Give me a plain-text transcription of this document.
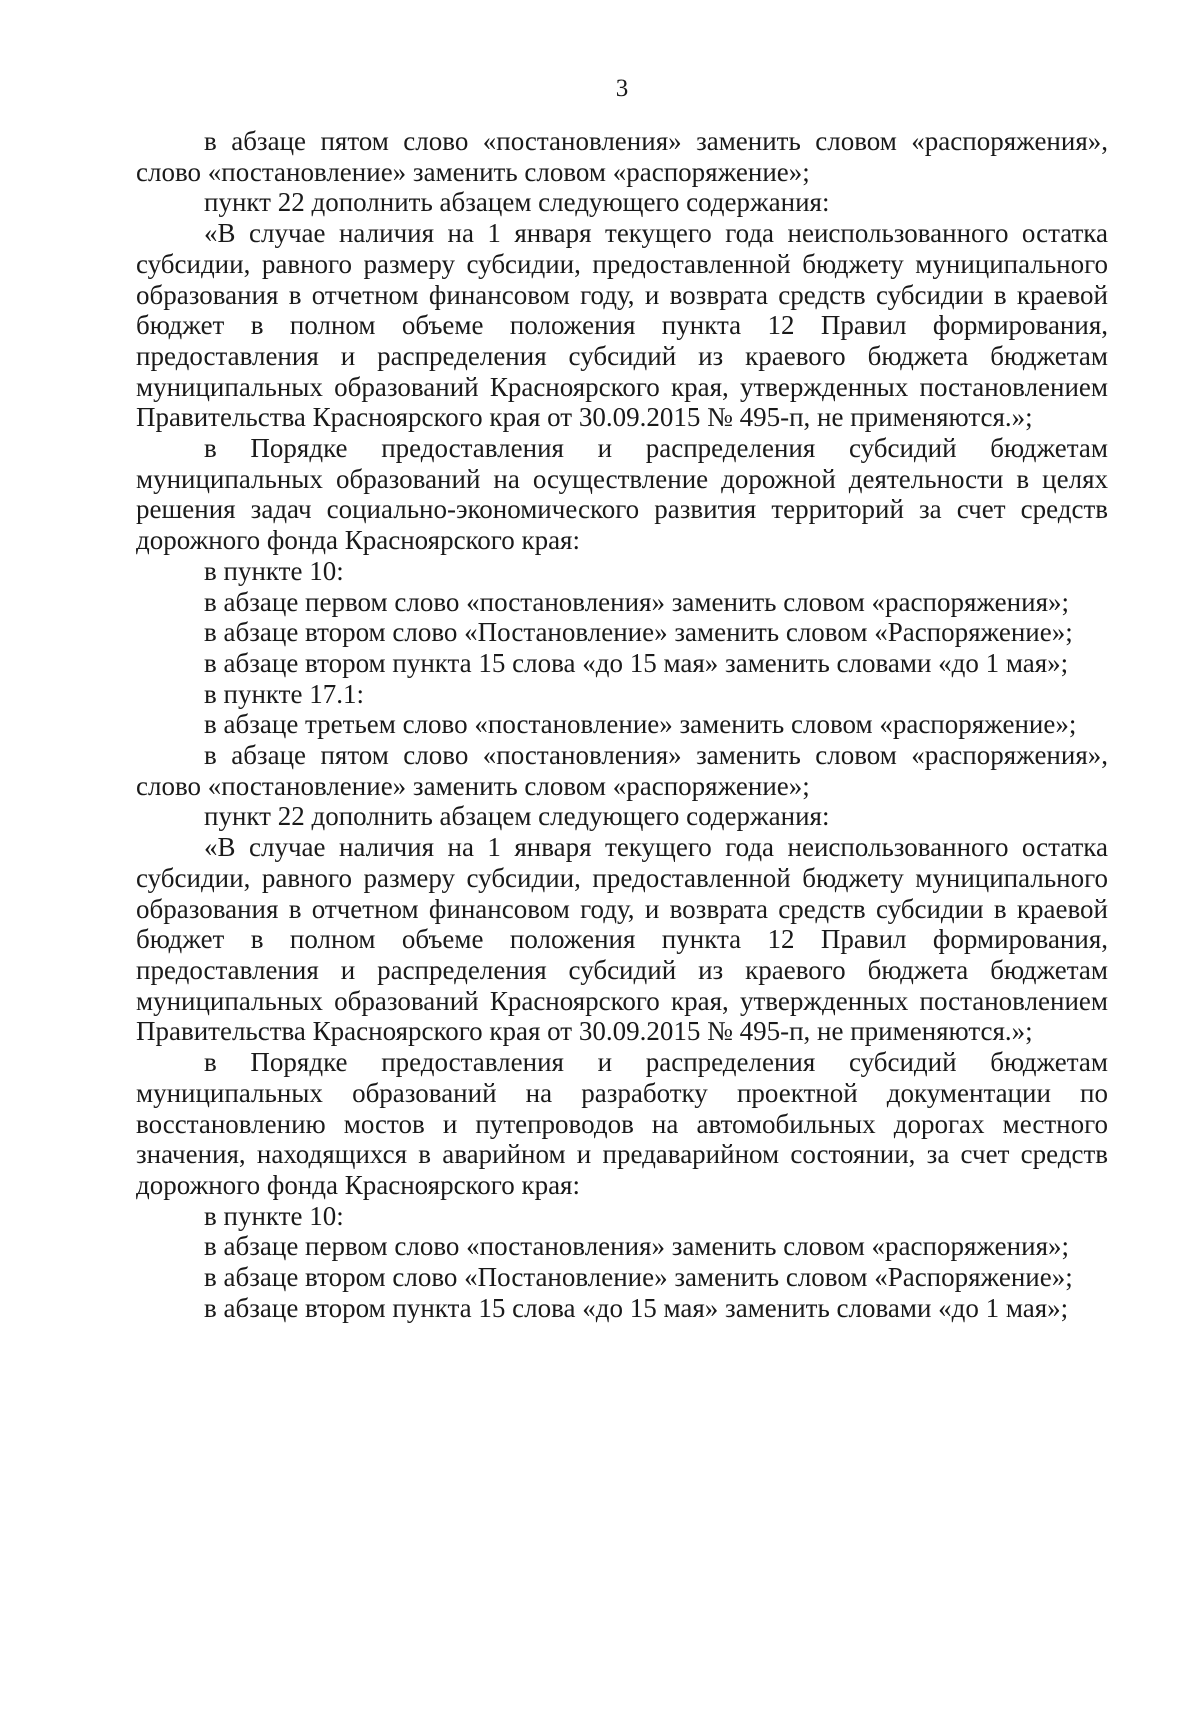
3

в абзаце пятом слово «постановления» заменить словом «распоряжения», слово «постановление» заменить словом «распоряжение»;

пункт 22 дополнить абзацем следующего содержания:

«В случае наличия на 1 января текущего года неиспользованного остатка субсидии, равного размеру субсидии, предоставленной бюджету муниципального образования в отчетном финансовом году, и возврата средств субсидии в краевой бюджет в полном объеме положения пункта 12 Правил формирования, предоставления и распределения субсидий из краевого бюджета бюджетам муниципальных образований Красноярского края, утвержденных постановлением Правительства Красноярского края от 30.09.2015 № 495-п, не применяются.»;

в Порядке предоставления и распределения субсидий бюджетам муниципальных образований на осуществление дорожной деятельности в целях решения задач социально-экономического развития территорий за счет средств дорожного фонда Красноярского края:

в пункте 10:

в абзаце первом слово «постановления» заменить словом «распоряжения»;

в абзаце втором слово «Постановление» заменить словом «Распоряжение»;

в абзаце втором пункта 15 слова «до 15 мая» заменить словами «до 1 мая»;

в пункте 17.1:

в абзаце третьем слово «постановление» заменить словом «распоряжение»;

в абзаце пятом слово «постановления» заменить словом «распоряжения», слово «постановление» заменить словом «распоряжение»;

пункт 22 дополнить абзацем следующего содержания:

«В случае наличия на 1 января текущего года неиспользованного остатка субсидии, равного размеру субсидии, предоставленной бюджету муниципального образования в отчетном финансовом году, и возврата средств субсидии в краевой бюджет в полном объеме положения пункта 12 Правил формирования, предоставления и распределения субсидий из краевого бюджета бюджетам муниципальных образований Красноярского края, утвержденных постановлением Правительства Красноярского края от 30.09.2015 № 495-п, не применяются.»;

в Порядке предоставления и распределения субсидий бюджетам муниципальных образований на разработку проектной документации по восстановлению мостов и путепроводов на автомобильных дорогах местного значения, находящихся в аварийном и предаварийном состоянии, за счет средств дорожного фонда Красноярского края:

в пункте 10:

в абзаце первом слово «постановления» заменить словом «распоряжения»;

в абзаце втором слово «Постановление» заменить словом «Распоряжение»;

в абзаце втором пункта 15 слова «до 15 мая» заменить словами «до 1 мая»;
